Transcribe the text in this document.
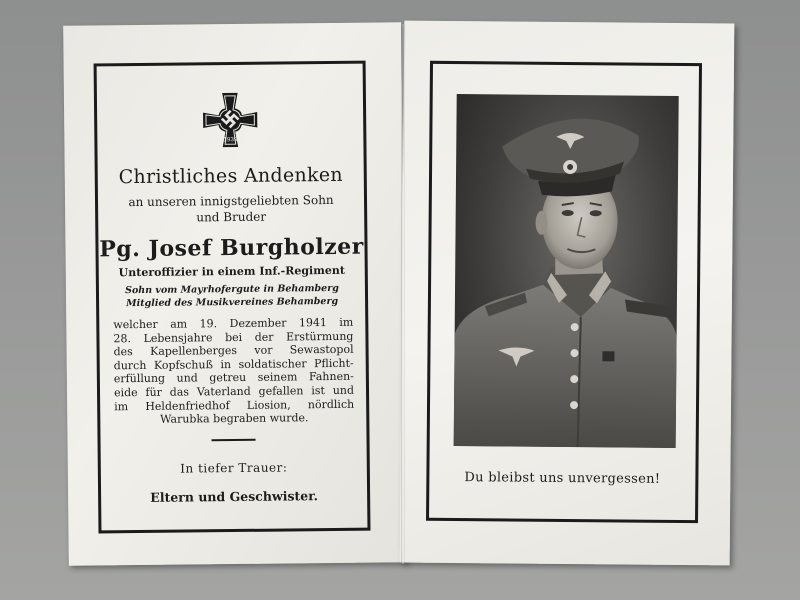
1939
Christliches Andenken
an unseren innigstgeliebten Sohn
und Bruder
Pg. Josef Burgholzer
Unteroffizier in einem Inf.-Regiment
Sohn vom Mayrhofergute in Behamberg
Mitglied des Musikvereines Behamberg
welcher am 19. Dezember 1941 im
28. Lebensjahre bei der Erstürmung
des Kapellenberges vor Sewastopol
durch Kopfschuß in soldatischer Pflicht-
erfüllung und getreu seinem Fahnen-
eide für das Vaterland gefallen ist und
im Heldenfriedhof Liosion, nördlich
Warubka begraben wurde.
In tiefer Trauer:
Eltern und Geschwister.
Du bleibst uns unvergessen!
